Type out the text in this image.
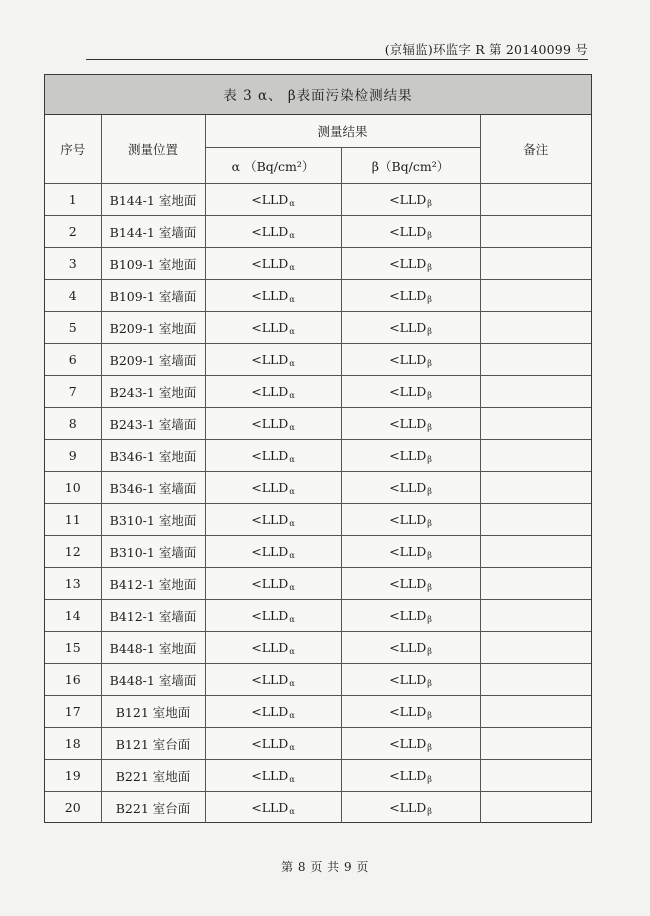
(京辐监)环监字 R 第 20140099 号
表 3 α、 β表面污染检测结果
序号	测量位置	测量结果		备注
		α （Bq/cm²）	β（Bq/cm²）	
1	B144-1 室地面	$<LLD_\alpha$	$<LLD_\beta$	
2	B144-1 室墙面	$<LLD_\alpha$	$<LLD_\beta$	
3	B109-1 室地面	$<LLD_\alpha$	$<LLD_\beta$	
4	B109-1 室墙面	$<LLD_\alpha$	$<LLD_\beta$	
5	B209-1 室地面	$<LLD_\alpha$	$<LLD_\beta$	
6	B209-1 室墙面	$<LLD_\alpha$	$<LLD_\beta$	
7	B243-1 室地面	$<LLD_\alpha$	$<LLD_\beta$	
8	B243-1 室墙面	$<LLD_\alpha$	$<LLD_\beta$	
9	B346-1 室地面	$<LLD_\alpha$	$<LLD_\beta$	
10	B346-1 室墙面	$<LLD_\alpha$	$<LLD_\beta$	
11	B310-1 室地面	$<LLD_\alpha$	$<LLD_\beta$	
12	B310-1 室墙面	$<LLD_\alpha$	$<LLD_\beta$	
13	B412-1 室地面	$<LLD_\alpha$	$<LLD_\beta$	
14	B412-1 室墙面	$<LLD_\alpha$	$<LLD_\beta$	
15	B448-1 室地面	$<LLD_\alpha$	$<LLD_\beta$	
16	B448-1 室墙面	$<LLD_\alpha$	$<LLD_\beta$	
17	B121 室地面	$<LLD_\alpha$	$<LLD_\beta$	
18	B121 室台面	$<LLD_\alpha$	$<LLD_\beta$	
19	B221 室地面	$<LLD_\alpha$	$<LLD_\beta$	
20	B221 室台面	$<LLD_\alpha$	$<LLD_\beta$	
第 8 页 共 9 页
